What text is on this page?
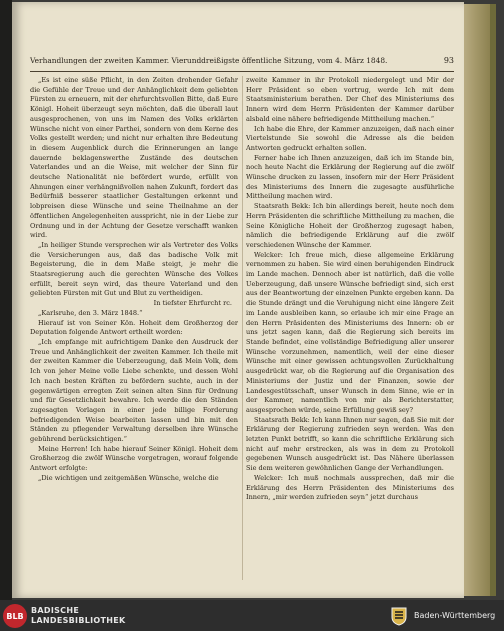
Verhandlungen der zweiten Kammer. Vierunddreißigste öffentliche Sitzung, vom 4. März 1848.	93

„Es ist eine süße Pflicht, in den Zeiten drohender Gefahr die Gefühle der Treue und der Anhänglichkeit dem geliebten Fürsten zu erneuern, mit der ehrfurchtsvollen Bitte, daß Eure Königl. Hoheit überzeugt seyn möchten, daß die überall laut ausgesprochenen, von uns im Namen des Volks erklärten Wünsche nicht von einer Parthei, sondern von dem Kerne des Volks gestellt werden; und nicht nur erhalten ihre Bedeutung in diesem Augenblick durch die Erinnerungen an lange dauernde beklagenswerthe Zustände des deutschen Vaterlandes und an die Weise, mit welcher der Sinn für deutsche Nationalität nie befördert wurde, erfüllt von Ahnungen einer verhängnißvollen nahen Zukunft, fordert das Bedürfniß besserer staatlicher Gestaltungen erkennt und lobpreisen diese Wünsche und seine Theilnahme an der öffentlichen Angelegenheiten ausspricht, nie in der Liebe zur Ordnung und in der Achtung der Gesetze verschafft wanken wird.

„In heiliger Stunde versprechen wir als Vertreter des Volks die Versicherungen aus, daß das badische Volk mit Begeisterung, die in dem Maße steigt, je mehr die Staatsregierung auch die gerechten Wünsche des Volkes erfüllt, bereit seyn wird, das theure Vaterland und den geliebten Fürsten mit Gut und Blut zu vertheidigen.

In tiefster Ehrfurcht rc.

„Karlsruhe, den 3. März 1848.“

Hierauf ist von Seiner Kön. Hoheit dem Großherzog der Deputation folgende Antwort ertheilt worden:

„Ich empfange mit aufrichtigem Danke den Ausdruck der Treue und Anhänglichkeit der zweiten Kammer. Ich theile mit der zweiten Kammer die Ueberzeugung, daß Mein Volk, dem Ich von jeher Meine volle Liebe schenkte, und dessen Wohl Ich nach besten Kräften zu befördern suchte, auch in der gegenwärtigen erregten Zeit seinen alten Sinn für Ordnung und für Gesetzlichkeit bewahre. Ich werde die den Ständen zugesagten Vorlagen in einer jede billige Forderung befriedigenden Weise bearbeiten lassen und bin mit den Ständen zu pflegender Verwaltung derselben ihre Wünsche gebührend berücksichtigen.“

Meine Herren! Ich habe hierauf Seiner Königl. Hoheit dem Großherzog die zwölf Wünsche vorgetragen, worauf folgende Antwort erfolgte:

„Die wichtigen und zeitgemäßen Wünsche, welche die

zweite Kammer in ihr Protokoll niedergelegt und Mir der Herr Präsident so eben vortrug, werde Ich mit dem Staatsministerium berathen. Der Chef des Ministeriums des Innern wird dem Herrn Präsidenten der Kammer darüber alsbald eine nähere befriedigende Mittheilung machen.“

Ich habe die Ehre, der Kammer anzuzeigen, daß nach einer Viertelstunde Sie sowohl die Adresse als die beiden Antworten gedruckt erhalten sollen.

Ferner habe ich Ihnen anzuzeigen, daß ich im Stande bin, noch heute Nacht die Erklärung der Regierung auf die zwölf Wünsche drucken zu lassen, insofern mir der Herr Präsident des Ministeriums des Innern die zugesagte ausführliche Mittheilung machen wird.

Staatsrath Bekk: Ich bin allerdings bereit, heute noch dem Herrn Präsidenten die schriftliche Mittheilung zu machen, die Seine Königliche Hoheit der Großherzog zugesagt haben, nämlich die befriedigende Erklärung auf die zwölf verschiedenen Wünsche der Kammer.

Welcker: Ich freue mich, diese allgemeine Erklärung vernommen zu haben. Sie wird einen beruhigenden Eindruck im Lande machen. Dennoch aber ist natürlich, daß die volle Ueberzeugung, daß unsere Wünsche befriedigt sind, sich erst aus der Beantwortung der einzelnen Punkte ergeben kann. Da die Stunde drängt und die Veruhigung nicht eine längere Zeit im Lande ausbleiben kann, so erlaube ich mir eine Frage an den Herrn Präsidenten des Ministeriums des Innern: ob er uns jetzt sagen kann, daß die Regierung sich bereits im Stande befindet, eine vollständige Befriedigung aller unserer Wünsche vorzunehmen, namentlich, weil der eine dieser Wünsche mit einer gewissen achtungsvollen Zurückhaltung ausgedrückt war, ob die Regierung auf die Organisation des Ministeriums der Justiz und der Finanzen, sowie der Landesgestütsschaft, unser Wunsch in dem Sinne, wie er in der Kammer, namentlich von mir als Berichterstatter, ausgesprochen würde, seine Erfüllung gewiß sey?

Staatsrath Bekk: Ich kann Ihnen nur sagen, daß Sie mit der Erklärung der Regierung zufrieden seyn werden. Was den letzten Punkt betrifft, so kann die schriftliche Erklärung sich nicht auf mehr erstrecken, als was in dem zu Protokoll gegebenen Wunsch ausgedrückt ist. Das Nähere überlassen Sie dem weiteren gewöhnlichen Gange der Verhandlungen.

Welcker: Ich muß nochmals aussprechen, daß mir die Erklärung des Herrn Präsidenten des Ministeriums des Innern, „mir werden zufrieden seyn“ jetzt durchaus

BLB
BADISCHE
LANDESBIBLIOTHEK
Baden-Württemberg
